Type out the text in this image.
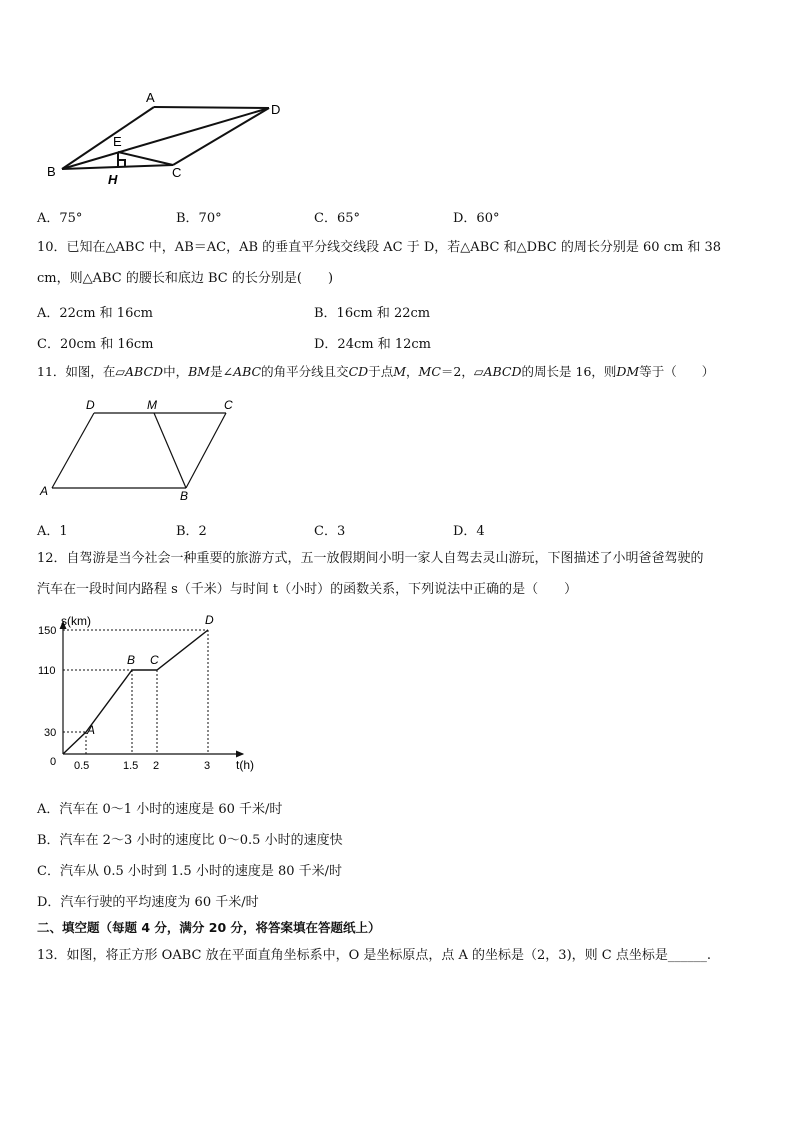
A
D
E
B	C
H
A．75°	B．70°	C．65°	D．60°
10．已知在△ABC 中，AB＝AC，AB 的垂直平分线交线段 AC 于 D，若△ABC 和△DBC 的周长分别是 60 cm 和 38
cm，则△ABC 的腰长和底边 BC 的长分别是(　　)
A．22cm 和 16cm	B．16cm 和 22cm
C．20cm 和 16cm	D．24cm 和 12cm
11．如图，在▱ABCD中，BM是∠ABC的角平分线且交CD于点M，MC＝2，▱ABCD的周长是 16，则DM等于（　　）
D	M	C
A	B
A．1	B．2	C．3	D．4
12．自驾游是当今社会一种重要的旅游方式，五一放假期间小明一家人自驾去灵山游玩，下图描述了小明爸爸驾驶的
汽车在一段时间内路程 s（千米）与时间 t（小时）的函数关系，下列说法中正确的是（　　）
s(km)
t(h)
0
150
110
30
0.5	1.5 2	3
A
B C
D
A．汽车在 0～1 小时的速度是 60 千米/时
B．汽车在 2～3 小时的速度比 0～0.5 小时的速度快
C．汽车从 0.5 小时到 1.5 小时的速度是 80 千米/时
D．汽车行驶的平均速度为 60 千米/时
二、填空题（每题 4 分，满分 20 分，将答案填在答题纸上）
13．如图，将正方形 OABC 放在平面直角坐标系中，O 是坐标原点，点 A 的坐标是（2，3)，则 C 点坐标是______.
